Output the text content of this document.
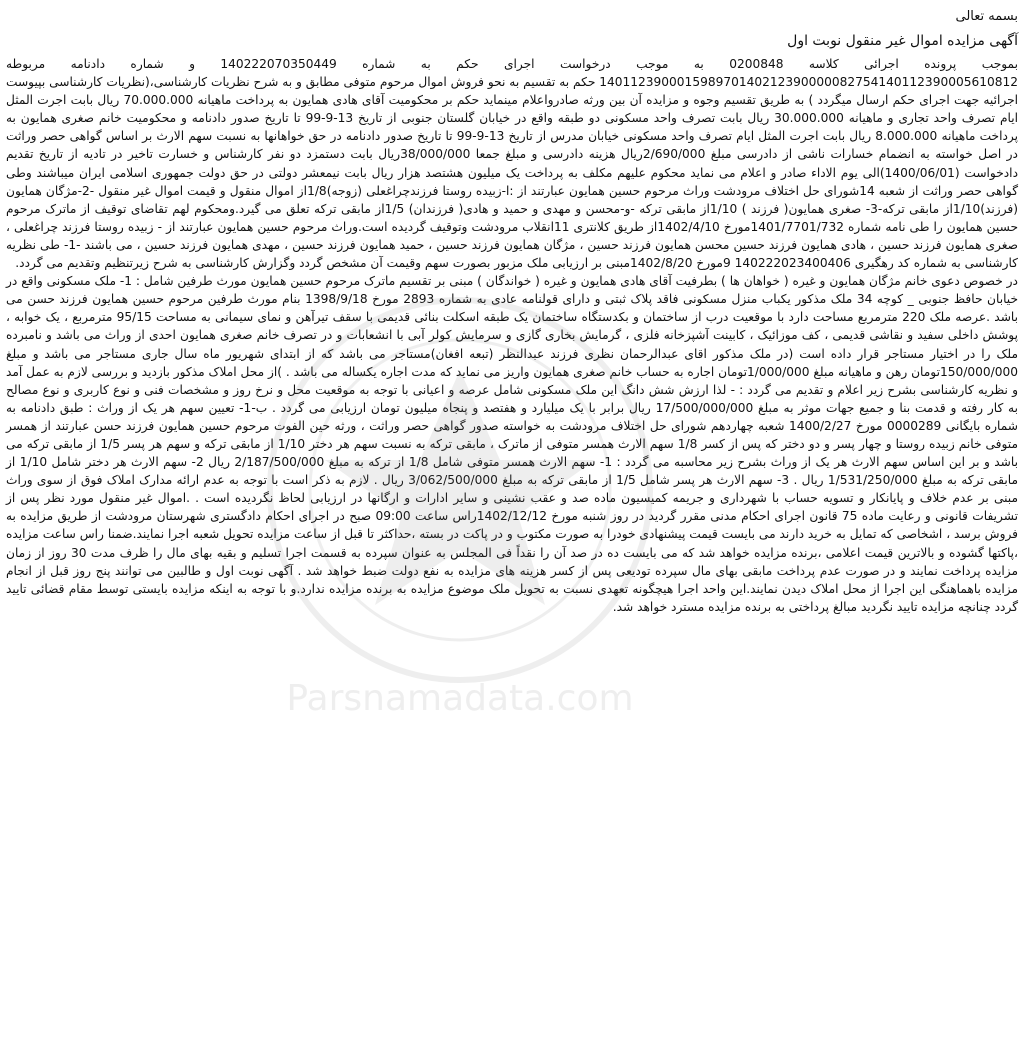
Parsnamadata.com
بسمه تعالی
آگهی مزایده اموال غیر منقول نوبت اول

بموجب پرونده اجرائی کلاسه 0200848 به موجب درخواست اجرای حکم به شماره 140222070350449 و شماره دادنامه مربوطه 140112390001598970140212390000082754140112390005610812 حکم به تقسیم به نحو فروش اموال مرحوم متوفی مطابق و به شرح نظریات کارشناسی،(نظریات کارشناسی بپیوست اجرائیه جهت اجرای حکم ارسال میگردد ) به طریق تقسیم وجوه و مزایده آن بین ورثه صادرواعلام مینماید حکم بر محکومیت آقای هادی همایون به پرداخت ماهیانه 70.000.000 ریال بابت اجرت المثل ایام تصرف واحد تجاری و ماهیانه 30.000.000 ریال بابت تصرف واحد مسکونی دو طبقه واقع در خیابان گلستان جنوبی از تاریخ 13-9-99 تا تاریخ صدور دادنامه و محکومیت خانم صغری همایون به پرداخت ماهیانه 8.000.000 ریال بابت اجرت المثل ایام تصرف واحد مسکونی خیابان مدرس از تاریخ 13-9-99 تا تاریخ صدور دادنامه در حق خواهانها به نسبت سهم الارث بر اساس گواهی حصر وراثت در اصل خواسته به انضمام خسارات ناشی از دادرسی مبلغ 2/690/000ریال هزینه دادرسی و مبلغ جمعا 38/000/000ریال بابت دستمزد دو نفر کارشناس و خسارت تاخیر در تادیه از تاریخ تقدیم دادخواست (1400/06/01)الی یوم الاداء صادر و اعلام می نماید محکوم علیهم مکلف به پرداخت یک میلیون هشتصد هزار ریال بابت نیمعشر دولتی در حق دولت جمهوری اسلامی ایران میباشند وطی گواهی حصر وراثت از شعبه 14شورای حل اختلاف مرودشت وراث مرحوم حسین همایون عبارتند از :ا-زبیده روستا فرزندچراغعلی (زوجه)1/8از اموال منقول و قیمت اموال غیر منقول -2-مژگان همایون (فرزند)1/10از مابقی ترکه-3- صغری همایون( فرزند ) 1/10از مابقی ترکه -و-محسن و مهدی و حمید و هادی( فرزندان) 1/5از مابقی ترکه تعلق می گیرد.ومحکوم لهم تقاضای توقیف از ماترک مرحوم حسین همایون را طی نامه شماره 1401/7701/732مورخ 1402/4/10از طریق کلانتری 11انقلاب مرودشت وتوقیف گردیده است.وراث مرحوم حسین همایون عبارتند از - زبیده روستا فرزند چراغعلی ، صغری همایون فرزند حسین ، هادی همایون فرزند حسین محسن همایون فرزند حسین ، مژگان همایون فرزند حسین ، حمید همایون فرزند حسین ، مهدی همایون فرزند حسین ، می باشند -1- طی نظریه کارشناسی به شماره کد رهگیری 140222023400406 9مورخ 1402/8/20مبنی بر ارزیابی ملک مزبور بصورت سهم وقیمت آن مشخص گردد وگزارش کارشناسی به شرح زیرتنظیم وتقدیم می گردد.

در خصوص دعوی خانم مژگان همایون و غیره ( خواهان ها ) بطرفیت آقای هادی همایون و غیره ( خواندگان ) مبنی بر تقسیم ماترک مرحوم حسین همایون مورث طرفین شامل : 1- ملک مسکونی واقع در خیابان حافظ جنوبی _ کوچه 34 ملک مذکور یکباب منزل مسکونی فاقد پلاک ثبتی و دارای قولنامه عادی به شماره 2893 مورخ 1398/9/18 بنام مورث طرفین مرحوم حسین همایون فرزند حسن می باشد .عرصه ملک 220 مترمربع مساحت دارد با موقعیت درب از ساختمان و بکدستگاه ساختمان یک طبقه اسکلت بنائی قدیمی با سقف تیرآهن و نمای سیمانی به مساحت 95/15 مترمربع ، یک خوابه ، پوشش داخلی سفید و نقاشی قدیمی ، کف موزائیک ، کابینت آشپزخانه فلزی ، گرمایش بخاری گازی و سرمایش کولر آبی با انشعابات و در تصرف خانم صغری همایون احدی از وراث می باشد و نامبرده ملک را در اختیار مستاجر قرار داده است (در ملک مذکور اقای عبدالرحمان نظری فرزند عبدالنظر (تبعه افغان)مستاجر می باشد که از ابتدای شهریور ماه سال جاری مستاجر می باشد و مبلغ 150/000/000تومان رهن و ماهیانه مبلغ 1/000/000تومان اجاره به حساب خانم صغری همایون واریز می نماید که مدت اجاره یکساله می باشد . )از محل املاک مذکور بازدید و بررسی لازم به عمل آمد و نظریه کارشناسی بشرح زیر اعلام و تقدیم می گردد : - لذا ارزش شش دانگ این ملک مسکونی شامل عرصه و اعیانی با توجه به موقعیت محل و نرخ روز و مشخصات فنی و نوع کاربری و نوع مصالح به کار رفته و قدمت بنا و جمیع جهات موثر به مبلغ 17/500/000/000 ریال برابر با یک میلیارد و هفتصد و پنجاه میلیون تومان ارزیابی می گردد . ب-1- تعیین سهم هر یک از وراث : طبق دادنامه به شماره بایگانی 0000289 مورخ 1400/2/27 شعبه چهاردهم شورای حل اختلاف مرودشت به خواسته صدور گواهی حصر وراثت ، ورثه حین الفوت مرحوم حسین همایون فرزند حسن عبارتند از همسر متوفی خانم زبیده روستا و چهار پسر و دو دختر که پس از کسر 1/8 سهم الارث همسر متوفی از ماترک ، مابقی ترکه به نسبت سهم هر دختر 1/10 از مابقی ترکه و سهم هر پسر 1/5 از مابقی ترکه می باشد و بر این اساس سهم الارث هر یک از وراث بشرح زیر محاسبه می گردد : 1- سهم الارث همسر متوفی شامل 1/8 از ترکه به مبلغ 2/187/500/000 ریال 2- سهم الارث هر دختر شامل 1/10 از مابقی ترکه به مبلغ 1/531/250/000 ریال . 3- سهم الارث هر پسر شامل 1/5 از مابقی ترکه به مبلغ 3/062/500/000 ریال . لازم به ذکر است با توجه به عدم ارائه مدارک املاک فوق از سوی وراث مبنی بر عدم خلاف و پایانکار و تسویه حساب با شهرداری و جریمه کمیسیون ماده صد و عقب نشینی و سایر ادارات و ارگانها در ارزیابی لحاظ نگردیده است . .اموال غیر منقول مورد نظر پس از تشریفات قانونی و رعایت ماده 75 قانون اجرای احکام مدنی مقرر گردید در روز شنبه مورخ 1402/12/12راس ساعت 09:00 صبح در اجرای احکام دادگستری شهرستان مرودشت از طریق مزایده به فروش برسد ، اشخاصی که تمایل به خرید دارند می بایست قیمت پیشنهادی خودرا به صورت مکتوب و در پاکت در بسته ،حداکثر تا قبل از ساعت مزایده تحویل شعبه اجرا نمایند.ضمنا راس ساعت مزایده ،پاکتها گشوده و بالاترین قیمت اعلامی ،برنده مزایده خواهد شد که می بایست ده در صد آن را نقداً فی المجلس به عنوان سپرده به قسمت اجرا تسلیم و بقیه بهای مال را ظرف مدت 30 روز از زمان مزایده پرداخت نمایند و در صورت عدم پرداخت مابقی بهای مال سپرده تودیعی پس از کسر هزینه های مزایده به نفع دولت ضبط خواهد شد . آگهی نوبت اول و طالبین می توانند پنج روز قبل از انجام مزایده باهماهنگی این اجرا از محل املاک دیدن نمایند.این واحد اجرا هیچگونه تعهدی نسبت به تحویل ملک موضوع مزایده به برنده مزایده ندارد.و با توجه به اینکه مزایده بایستی توسط مقام قضائی تایید گردد چنانچه مزایده تایید نگردید مبالغ پرداختی به برنده مزایده مسترد خواهد شد.
